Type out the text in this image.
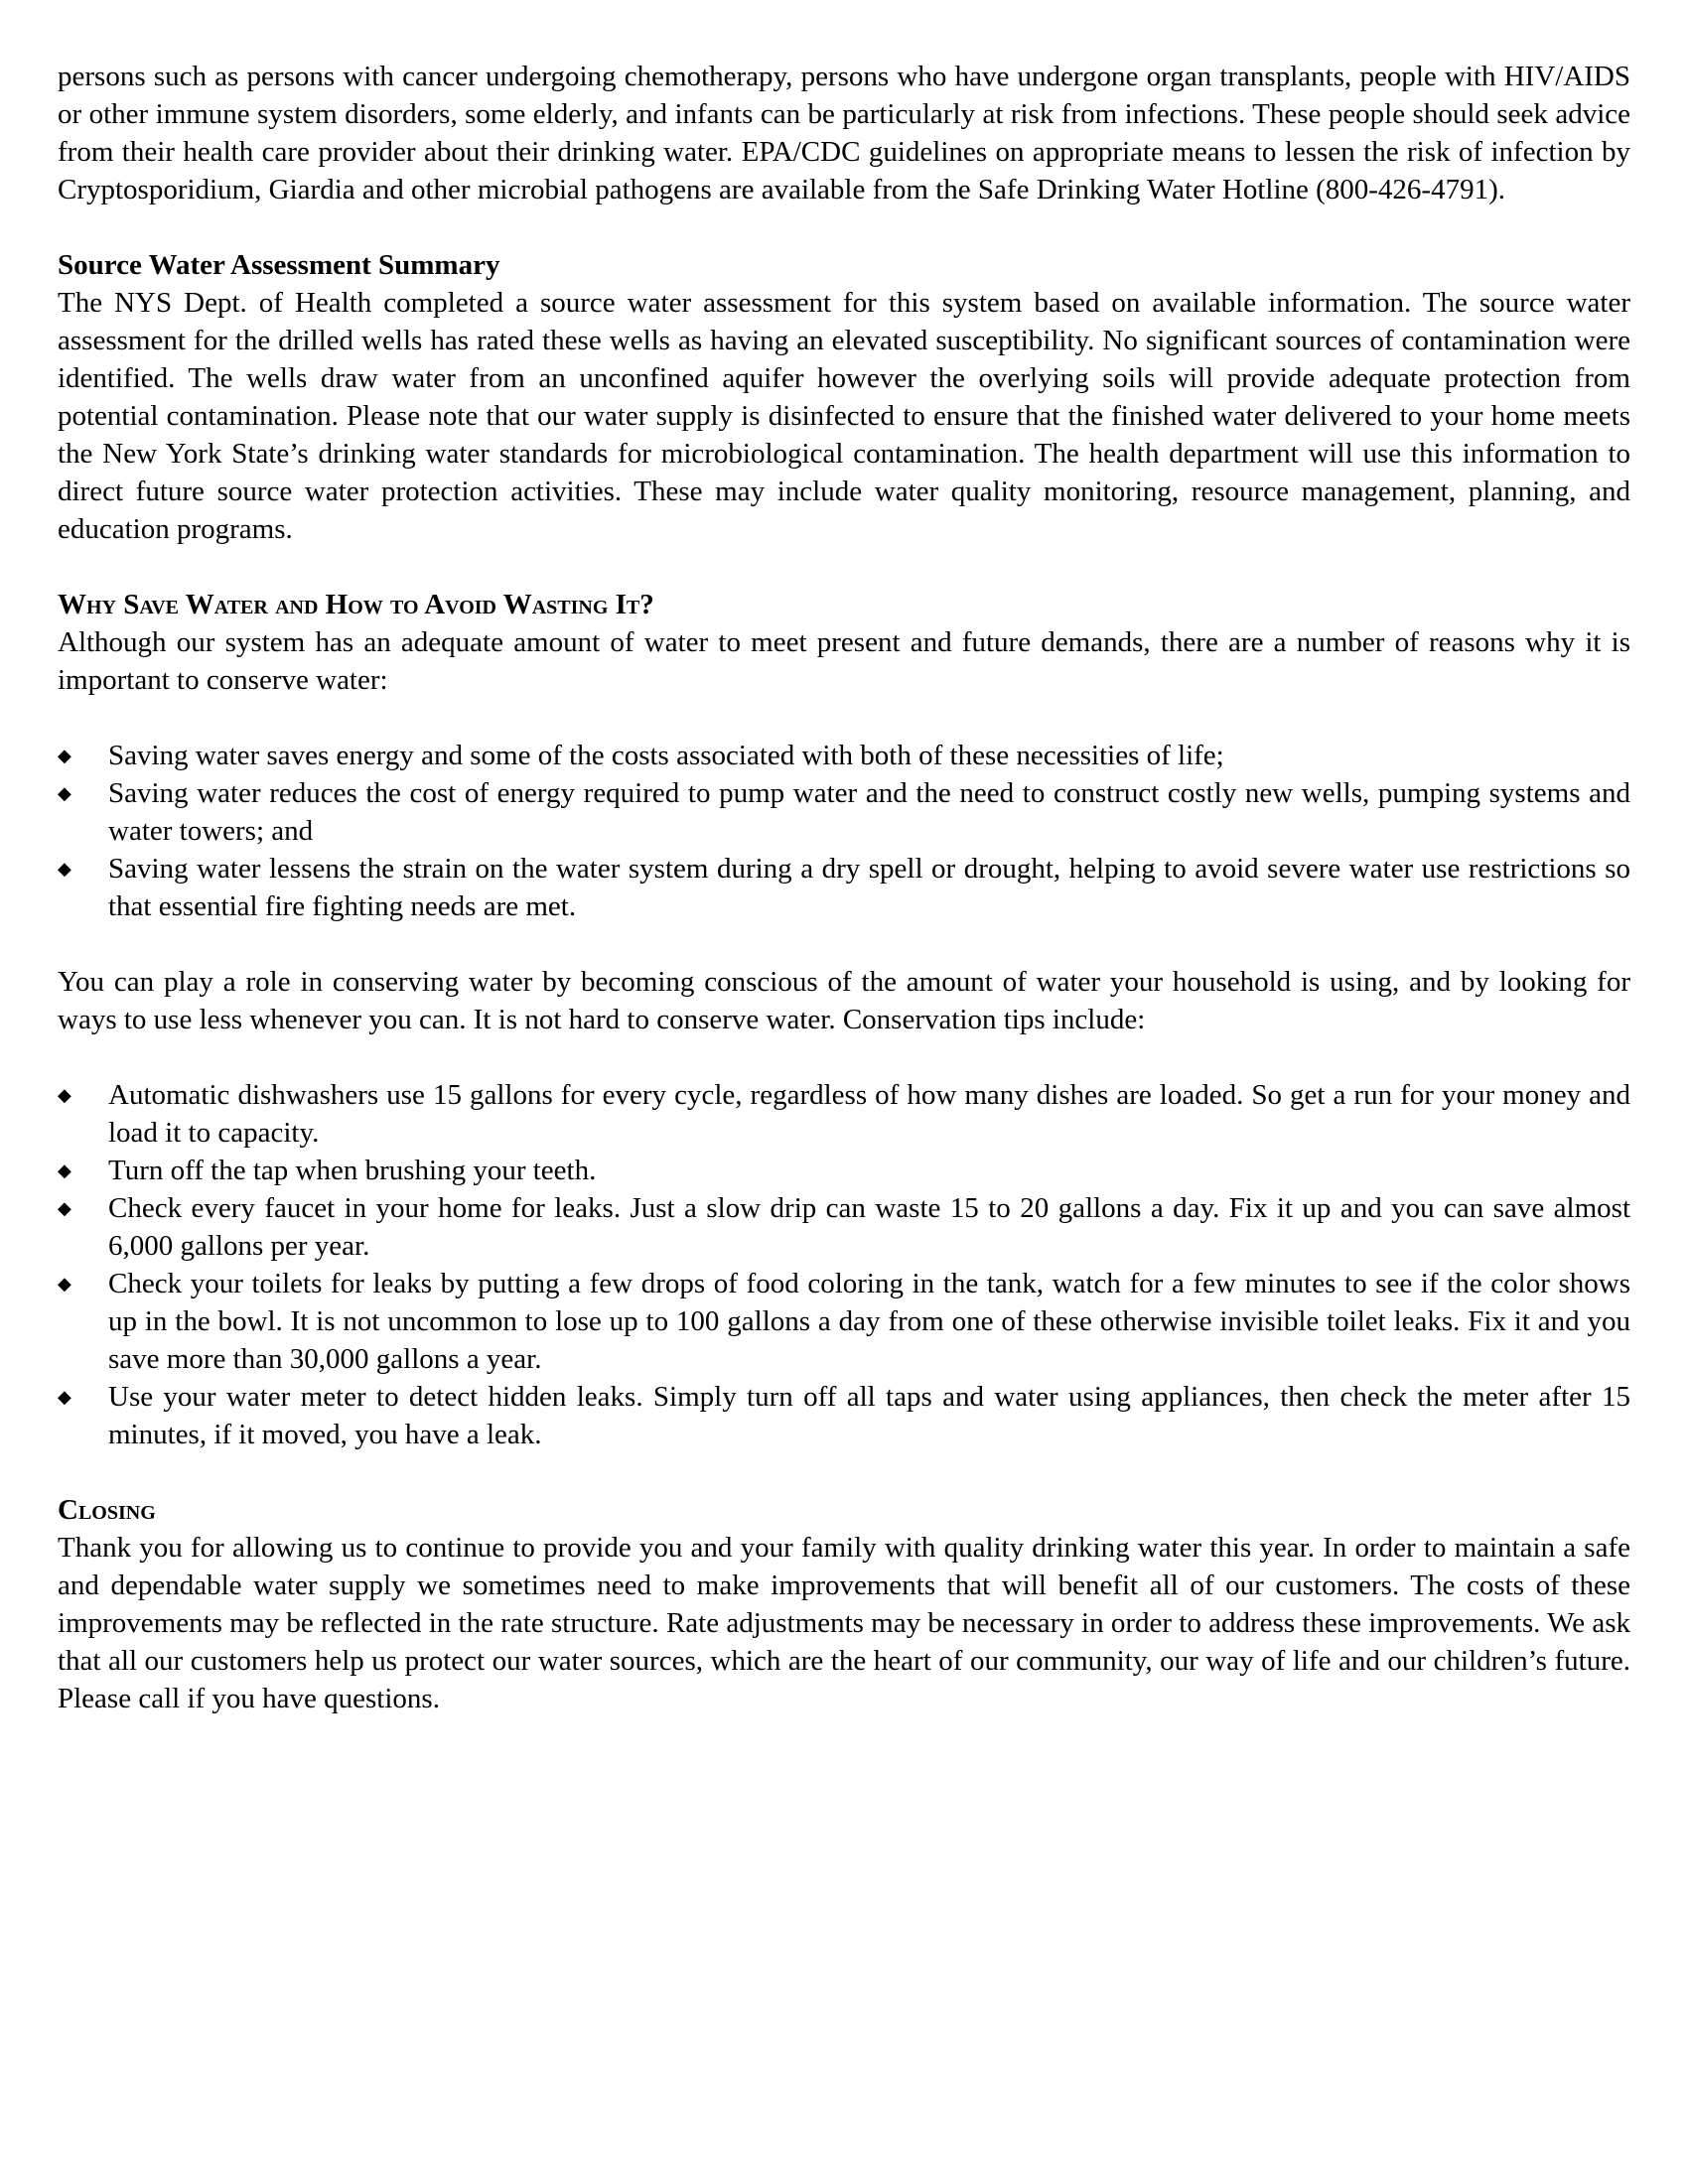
persons such as persons with cancer undergoing chemotherapy, persons who have undergone organ transplants, people with HIV/AIDS or other immune system disorders, some elderly, and infants can be particularly at risk from infections. These people should seek advice from their health care provider about their drinking water. EPA/CDC guidelines on appropriate means to lessen the risk of infection by Cryptosporidium, Giardia and other microbial pathogens are available from the Safe Drinking Water Hotline (800-426-4791).

Source Water Assessment Summary

The NYS Dept. of Health completed a source water assessment for this system based on available information. The source water assessment for the drilled wells has rated these wells as having an elevated susceptibility. No significant sources of contamination were identified. The wells draw water from an unconfined aquifer however the overlying soils will provide adequate protection from potential contamination. Please note that our water supply is disinfected to ensure that the finished water delivered to your home meets the New York State’s drinking water standards for microbiological contamination. The health department will use this information to direct future source water protection activities. These may include water quality monitoring, resource management, planning, and education programs.

Why Save Water and How to Avoid Wasting It?

Although our system has an adequate amount of water to meet present and future demands, there are a number of reasons why it is important to conserve water:

◆ Saving water saves energy and some of the costs associated with both of these necessities of life;
◆ Saving water reduces the cost of energy required to pump water and the need to construct costly new wells, pumping systems and water towers; and
◆ Saving water lessens the strain on the water system during a dry spell or drought, helping to avoid severe water use restrictions so that essential fire fighting needs are met.

You can play a role in conserving water by becoming conscious of the amount of water your household is using, and by looking for ways to use less whenever you can. It is not hard to conserve water. Conservation tips include:

◆ Automatic dishwashers use 15 gallons for every cycle, regardless of how many dishes are loaded. So get a run for your money and load it to capacity.
◆ Turn off the tap when brushing your teeth.
◆ Check every faucet in your home for leaks. Just a slow drip can waste 15 to 20 gallons a day. Fix it up and you can save almost 6,000 gallons per year.
◆ Check your toilets for leaks by putting a few drops of food coloring in the tank, watch for a few minutes to see if the color shows up in the bowl. It is not uncommon to lose up to 100 gallons a day from one of these otherwise invisible toilet leaks. Fix it and you save more than 30,000 gallons a year.
◆ Use your water meter to detect hidden leaks. Simply turn off all taps and water using appliances, then check the meter after 15 minutes, if it moved, you have a leak.
Closing

Thank you for allowing us to continue to provide you and your family with quality drinking water this year. In order to maintain a safe and dependable water supply we sometimes need to make improvements that will benefit all of our customers. The costs of these improvements may be reflected in the rate structure. Rate adjustments may be necessary in order to address these improvements. We ask that all our customers help us protect our water sources, which are the heart of our community, our way of life and our children’s future. Please call if you have questions.
